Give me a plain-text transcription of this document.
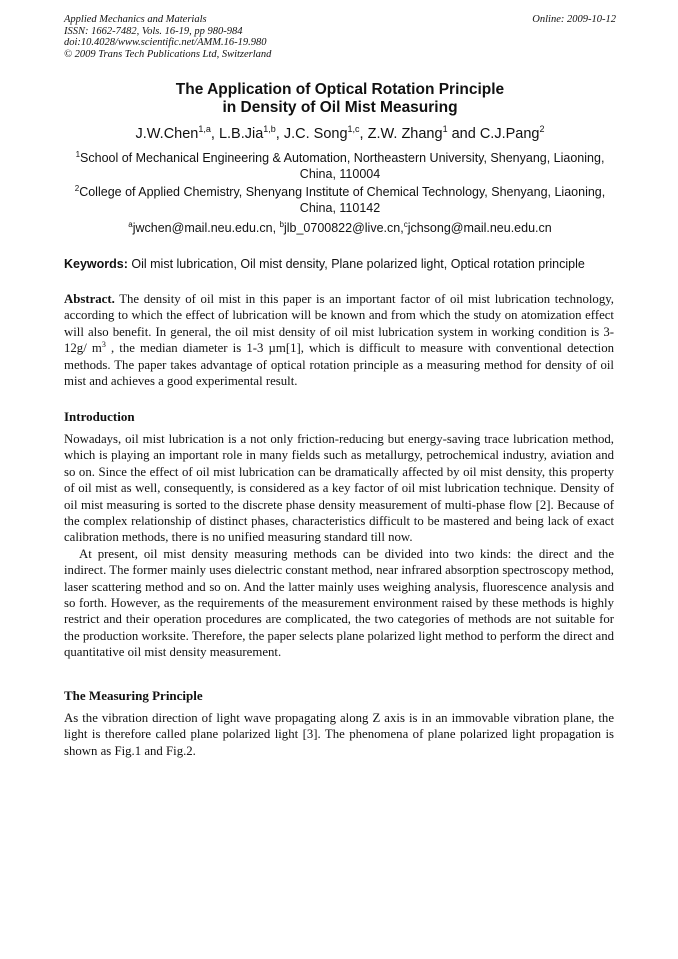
Applied Mechanics and Materials
ISSN: 1662-7482, Vols. 16-19, pp 980-984
doi:10.4028/www.scientific.net/AMM.16-19.980
© 2009 Trans Tech Publications Ltd, Switzerland
Online: 2009-10-12
The Application of Optical Rotation Principle
in Density of Oil Mist Measuring
J.W.Chen$^{1,a}$, L.B.Jia$^{1,b}$, J.C. Song$^{1,c}$, Z.W. Zhang$^1$ and C.J.Pang$^2$
$^1$School of Mechanical Engineering & Automation, Northeastern University, Shenyang, Liaoning, China, 110004
$^2$College of Applied Chemistry, Shenyang Institute of Chemical Technology, Shenyang, Liaoning, China, 110142
$^a$jwchen@mail.neu.edu.cn, $^b$jlb_0700822@live.cn,$^c$jchsong@mail.neu.edu.cn
Keywords: Oil mist lubrication, Oil mist density, Plane polarized light, Optical rotation principle

Abstract. The density of oil mist in this paper is an important factor of oil mist lubrication technology, according to which the effect of lubrication will be known and from which the study on atomization effect will also benefit. In general, the oil mist density of oil mist lubrication system in working condition is 3-12g/ $m^3$ , the median diameter is 1-3 µm[1], which is difficult to measure with conventional detection methods. The paper takes advantage of optical rotation principle as a measuring method for density of oil mist and achieves a good experimental result.

Introduction

Nowadays, oil mist lubrication is a not only friction-reducing but energy-saving trace lubrication method, which is playing an important role in many fields such as metallurgy, petrochemical industry, aviation and so on. Since the effect of oil mist lubrication can be dramatically affected by oil mist density, this property of oil mist as well, consequently, is considered as a key factor of oil mist lubrication technique. Density of oil mist measuring is sorted to the discrete phase density measurement of multi-phase flow [2]. Because of the complex relationship of distinct phases, characteristics difficult to be mastered and being lack of exact calibration methods, there is no unified measuring standard till now.

At present, oil mist density measuring methods can be divided into two kinds: the direct and the indirect. The former mainly uses dielectric constant method, near infrared absorption spectroscopy method, laser scattering method and so on. And the latter mainly uses weighing analysis, fluorescence analysis and so forth. However, as the requirements of the measurement environment raised by these methods is highly restrict and their operation procedures are complicated, the two categories of methods are not suitable for the production worksite. Therefore, the paper selects plane polarized light method to perform the direct and quantitative oil mist density measurement.

The Measuring Principle

As the vibration direction of light wave propagating along Z axis is in an immovable vibration plane, the light is therefore called plane polarized light [3]. The phenomena of plane polarized light propagation is shown as Fig.1 and Fig.2.
